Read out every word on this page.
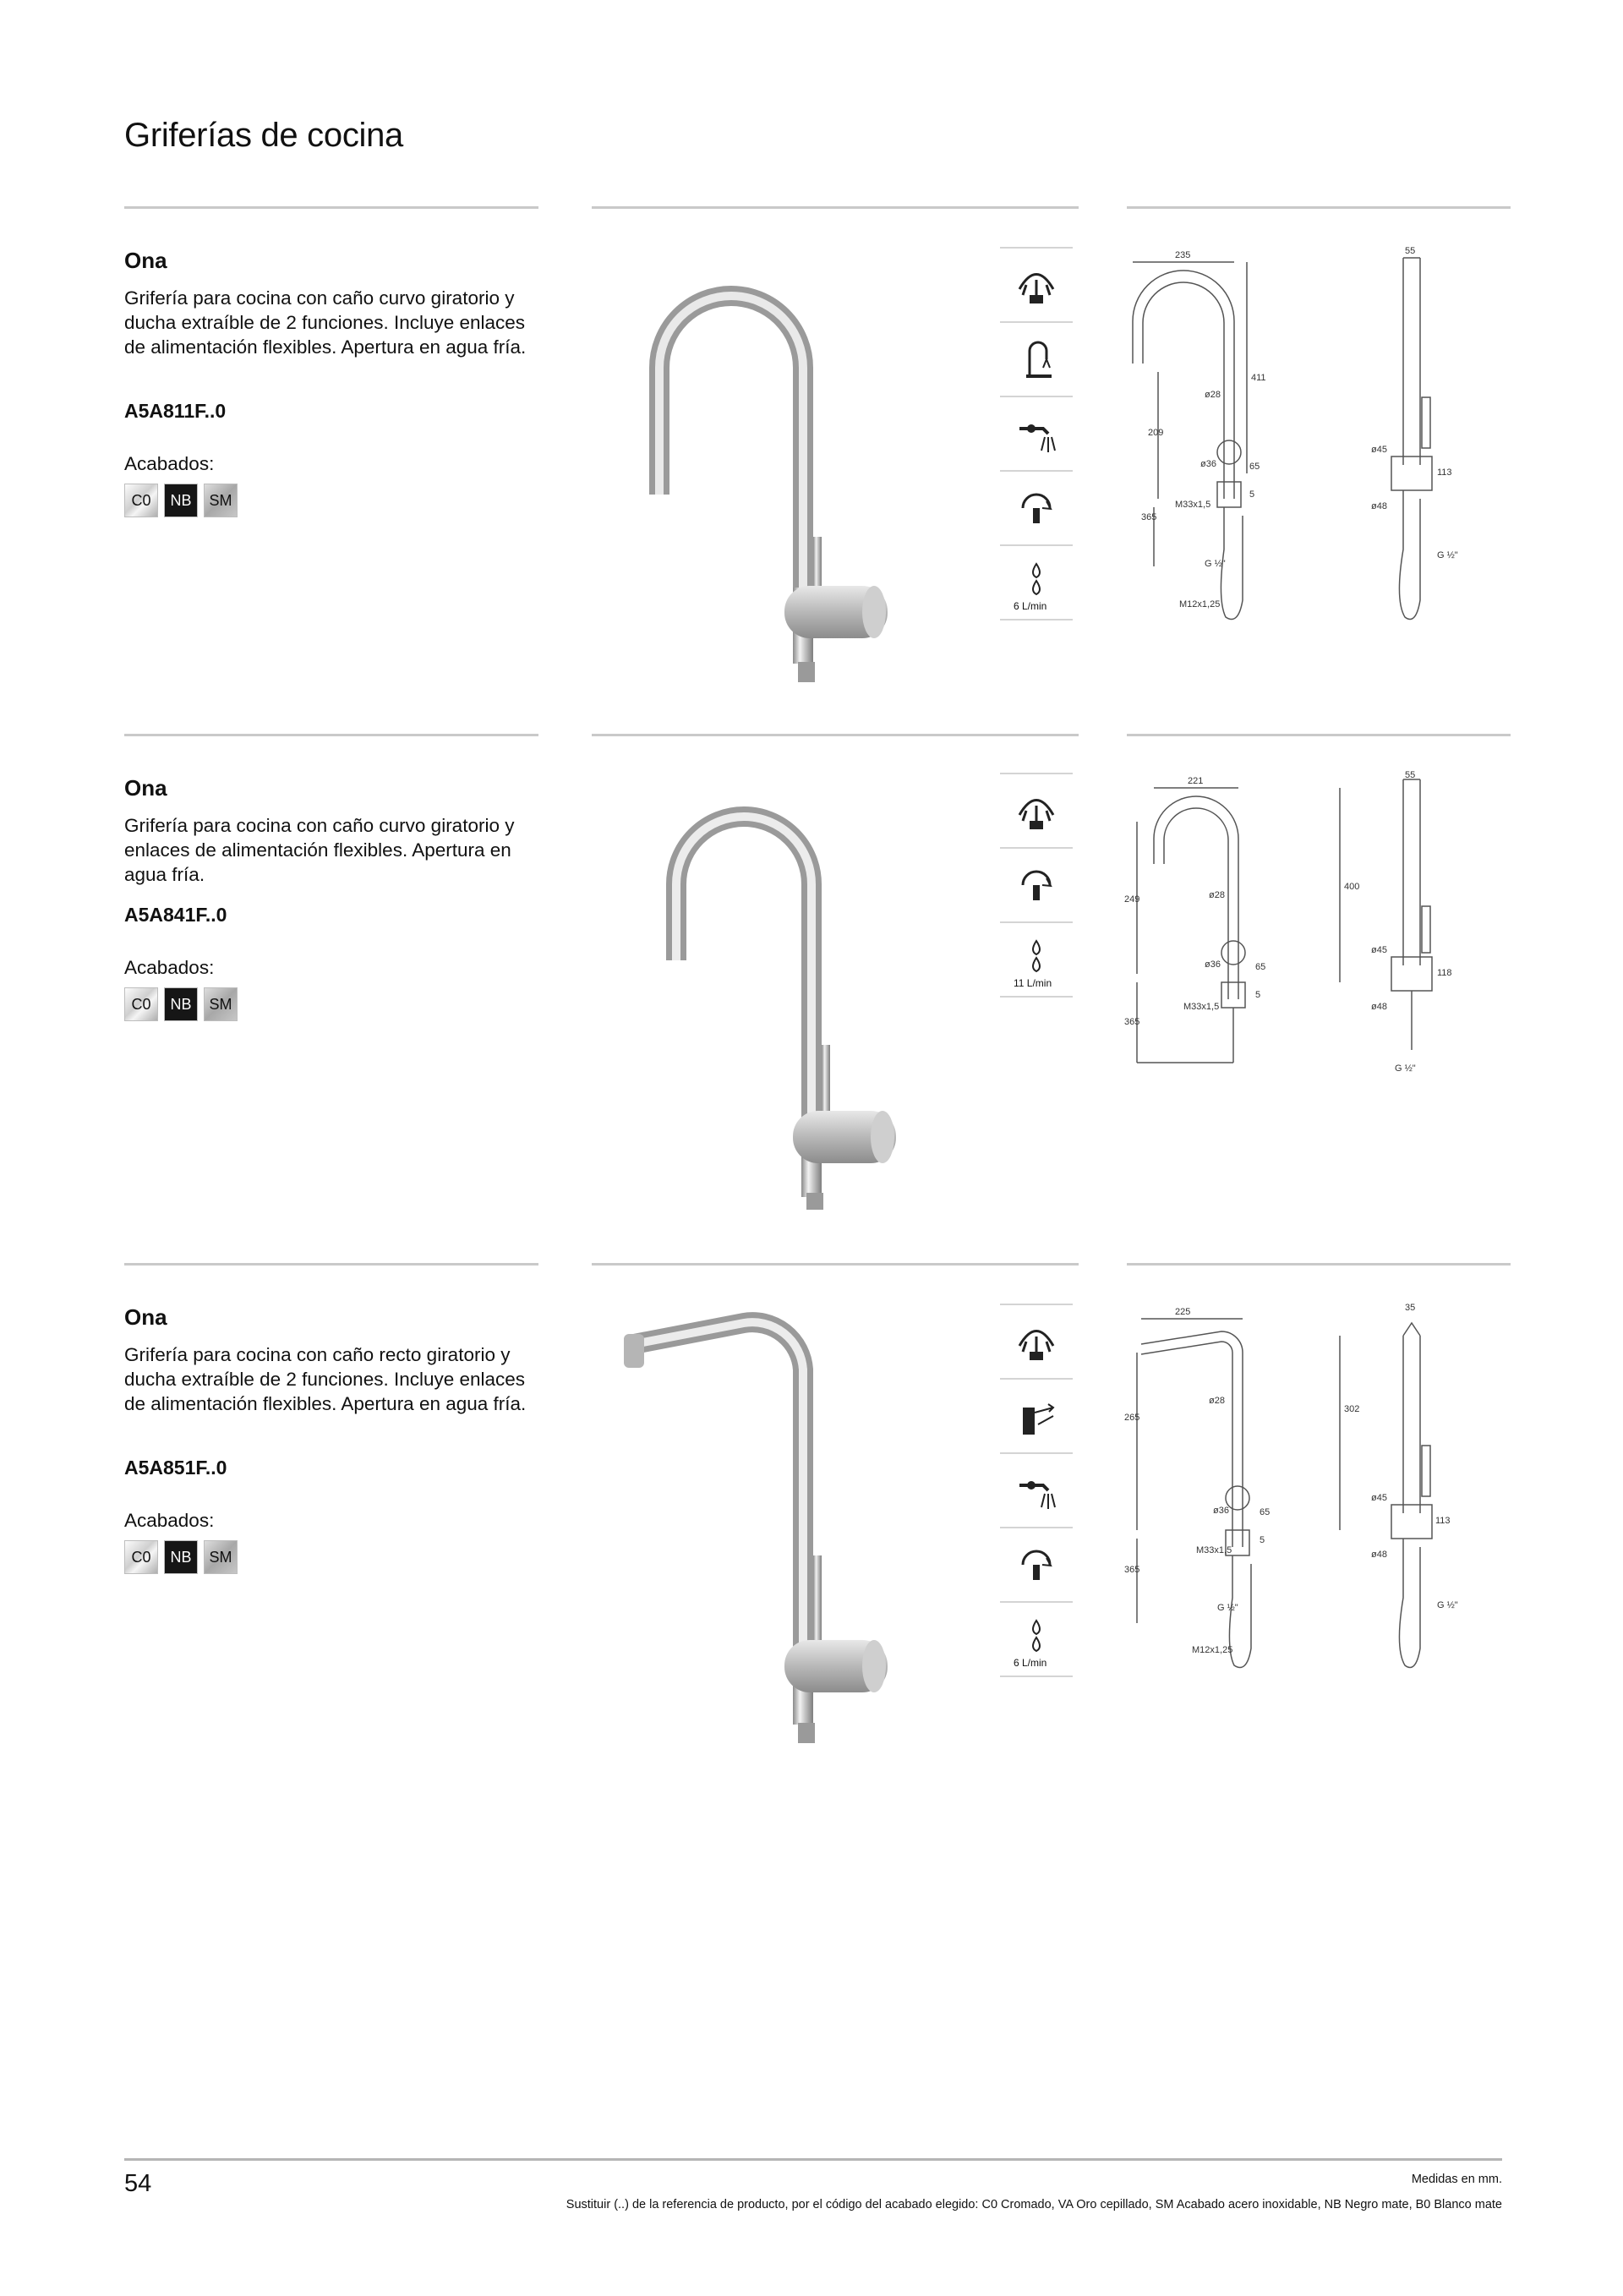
Griferías de cocina
Ona
Grifería para cocina con caño curvo giratorio y ducha extraíble de 2 funciones. Incluye enlaces de alimentación flexibles. Apertura en agua fría.
A5A811F..0
Acabados:
C0	NB	SM
6 L/min
235	55
411
ø28
ø36
209
65
5
M33x1,5
365
G ½"
M12x1,25
ø45
ø48
113
G ½"
Ona
Grifería para cocina con caño curvo giratorio y enlaces de alimentación flexibles. Apertura en agua fría.
A5A841F..0
Acabados:
C0	NB	SM
11 L/min
221
55
400
ø28
ø36
249
65
5
M33x1,5
365
ø45
ø48
118
G ½"
Ona
Grifería para cocina con caño recto giratorio y ducha extraíble de 2 funciones. Incluye enlaces de alimentación flexibles. Apertura en agua fría.
A5A851F..0
Acabados:
C0	NB	SM
6 L/min
225	35
302
ø28
ø36
265
65
5
M33x1,5
365
G ½"
M12x1,25
ø45
ø48
113
G ½"
54	Medidas en mm.
Sustituir (..) de la referencia de producto, por el código del acabado elegido: C0 Cromado, VA Oro cepillado, SM Acabado acero inoxidable, NB Negro mate, B0 Blanco mate
